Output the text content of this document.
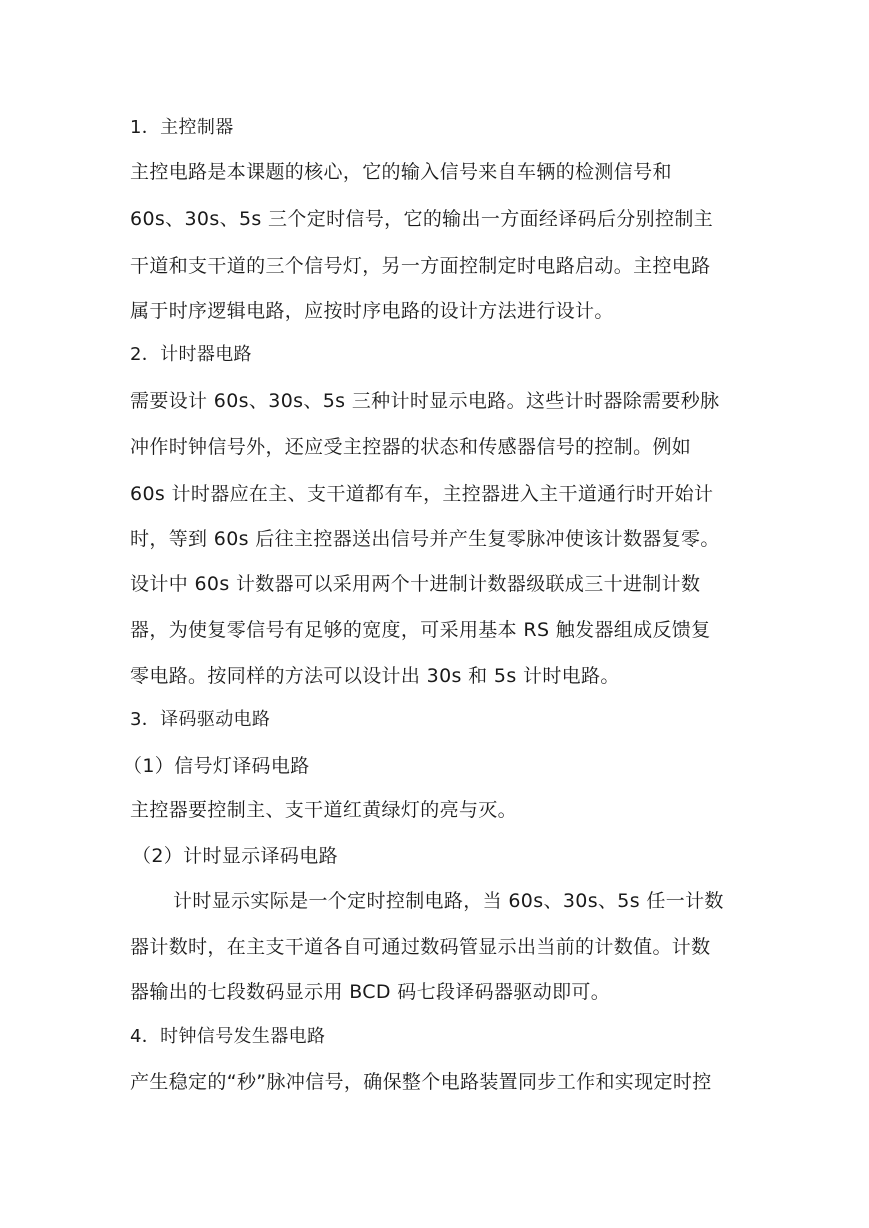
1．主控制器

主控电路是本课题的核心，它的输入信号来自车辆的检测信号和

60s、30s、5s 三个定时信号，它的输出一方面经译码后分别控制主

干道和支干道的三个信号灯，另一方面控制定时电路启动。主控电路

属于时序逻辑电路，应按时序电路的设计方法进行设计。

2．计时器电路

需要设计 60s、30s、5s 三种计时显示电路。这些计时器除需要秒脉

冲作时钟信号外，还应受主控器的状态和传感器信号的控制。例如

60s 计时器应在主、支干道都有车，主控器进入主干道通行时开始计

时，等到 60s 后往主控器送出信号并产生复零脉冲使该计数器复零。

设计中 60s 计数器可以采用两个十进制计数器级联成三十进制计数

器，为使复零信号有足够的宽度，可采用基本 RS 触发器组成反馈复

零电路。按同样的方法可以设计出 30s 和 5s 计时电路。

3．译码驱动电路

（1）信号灯译码电路

主控器要控制主、支干道红黄绿灯的亮与灭。

（2）计时显示译码电路

计时显示实际是一个定时控制电路，当 60s、30s、5s 任一计数

器计数时，在主支干道各自可通过数码管显示出当前的计数值。计数

器输出的七段数码显示用 BCD 码七段译码器驱动即可。

4．时钟信号发生器电路

产生稳定的“秒”脉冲信号，确保整个电路装置同步工作和实现定时控
